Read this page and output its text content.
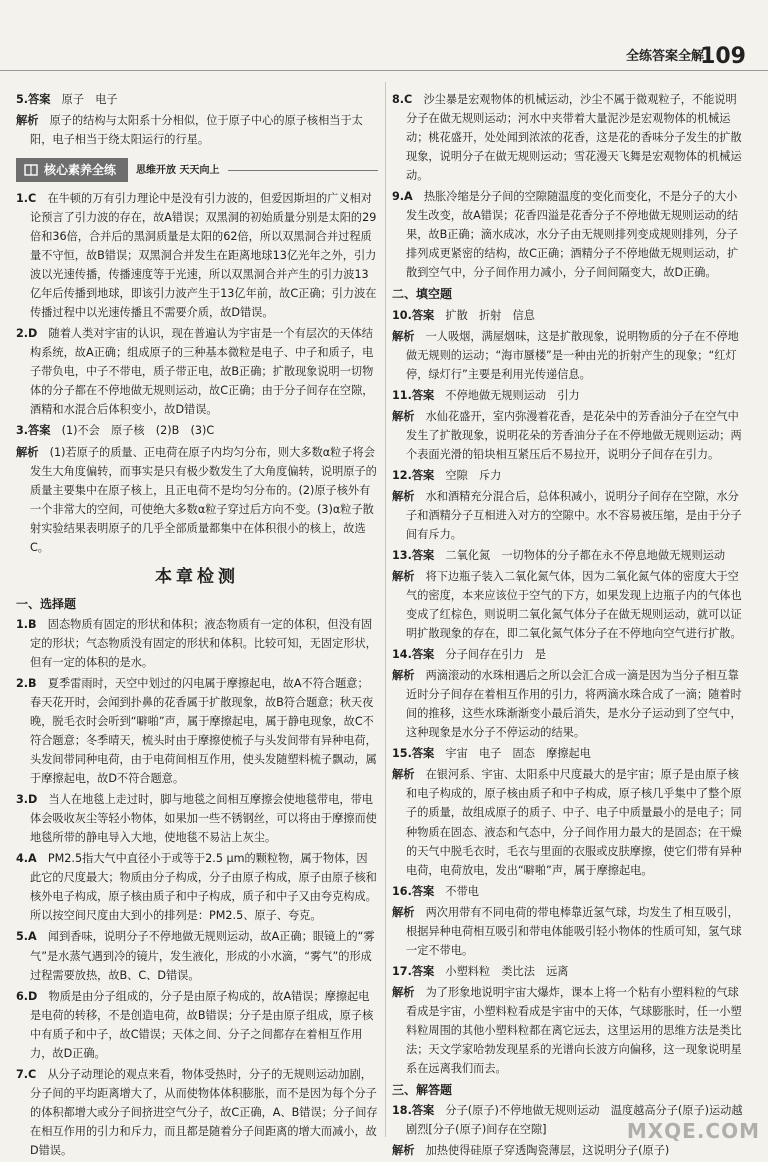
全练答案全解
109
5.答案　 原子　电子
解析　 原子的结构与太阳系十分相似，位于原子中心的原子核相当于太阳，电子相当于绕太阳运行的行星。
核心素养全练 思维开放 天天向上
1.C　 在牛顿的万有引力理论中是没有引力波的，但爱因斯坦的广义相对论预言了引力波的存在，故A错误；双黑洞的初始质量分别是太阳的29倍和36倍，合并后的黑洞质量是太阳的62倍，所以双黑洞合并过程质量不守恒，故B错误；双黑洞合并发生在距离地球13亿光年之外，引力波以光速传播，传播速度等于光速，所以双黑洞合并产生的引力波13亿年后传播到地球，即该引力波产生于13亿年前，故C正确；引力波在传播过程中以光速传播且不需要介质，故D错误。
2.D　 随着人类对宇宙的认识，现在普遍认为宇宙是一个有层次的天体结构系统，故A正确；组成原子的三种基本微粒是电子、中子和质子，电子带负电，中子不带电，质子带正电，故B正确；扩散现象说明一切物体的分子都在不停地做无规则运动，故C正确；由于分子间存在空隙，酒精和水混合后体积变小，故D错误。
3.答案　 (1)不会　原子核　(2)B　(3)C
解析　 (1)若原子的质量、正电荷在原子内均匀分布，则大多数α粒子将会发生大角度偏转，而事实是只有极少数发生了大角度偏转，说明原子的质量主要集中在原子核上，且正电荷不是均匀分布的。(2)原子核外有一个非常大的空间，可使绝大多数α粒子穿过后方向不变。(3)α粒子散射实验结果表明原子的几乎全部质量都集中在体积很小的核上，故选C。
本章检测
一、选择题
1.B　 固态物质有固定的形状和体积；液态物质有一定的体积，但没有固定的形状；气态物质没有固定的形状和体积。比较可知，无固定形状，但有一定的体积的是水。
2.B　 夏季雷雨时，天空中划过的闪电属于摩擦起电，故A不符合题意；春天花开时，会闻到扑鼻的花香属于扩散现象，故B符合题意；秋天夜晚，脱毛衣时会听到“噼啪”声，属于摩擦起电，属于静电现象，故C不符合题意；冬季晴天，梳头时由于摩擦使梳子与头发间带有异种电荷，头发间带同种电荷，由于电荷间相互作用，使头发随塑料梳子飘动，属于摩擦起电，故D不符合题意。
3.D　 当人在地毯上走过时，脚与地毯之间相互摩擦会使地毯带电，带电体会吸收灰尘等轻小物体，如果加一些不锈钢丝，可以将由于摩擦而使地毯所带的静电导入大地，使地毯不易沾上灰尘。
4.A　 PM2.5指大气中直径小于或等于2.5 μm的颗粒物，属于物体，因此它的尺度最大；物质由分子构成，分子由原子构成，原子由原子核和核外电子构成，原子核由质子和中子构成，质子和中子又由夸克构成。所以按空间尺度由大到小的排列是：PM2.5、原子、夸克。
5.A　 闻到香味，说明分子不停地做无规则运动，故A正确；眼镜上的“雾气”是水蒸气遇到冷的镜片，发生液化，形成的小水滴，“雾气”的形成过程需要放热，故B、C、D错误。
6.D　 物质是由分子组成的，分子是由原子构成的，故A错误；摩擦起电是电荷的转移，不是创造电荷，故B错误；分子是由原子组成，原子核中有质子和中子，故C错误；天体之间、分子之间都存在着相互作用力，故D正确。
7.C　 从分子动理论的观点来看，物体受热时，分子的无规则运动加剧，分子间的平均距离增大了，从而使物体体积膨胀，而不是因为每个分子的体积都增大或分子间挤进空气分子，故C正确，A、B错误；分子间存在相互作用的引力和斥力，而且都是随着分子间距离的增大而减小，故D错误。
8.C　 沙尘暴是宏观物体的机械运动，沙尘不属于微观粒子，不能说明分子在做无规则运动；河水中夹带着大量泥沙是宏观物体的机械运动；桃花盛开，处处闻到浓浓的花香，这是花的香味分子发生的扩散现象，说明分子在做无规则运动；雪花漫天飞舞是宏观物体的机械运动。
9.A　 热胀冷缩是分子间的空隙随温度的变化而变化，不是分子的大小发生改变，故A错误；花香四溢是花香分子不停地做无规则运动的结果，故B正确；滴水成冰，水分子由无规则排列变成规则排列，分子排列成更紧密的结构，故C正确；酒精分子不停地做无规则运动，扩散到空气中，分子间作用力减小，分子间间隔变大，故D正确。
二、填空题
10.答案　 扩散　折射　信息
解析　 一人吸烟，满屋烟味，这是扩散现象，说明物质的分子在不停地做无规则的运动；“海市蜃楼”是一种由光的折射产生的现象；“红灯停，绿灯行”主要是利用光传递信息。
11.答案　 不停地做无规则运动　引力
解析　 水仙花盛开，室内弥漫着花香，是花朵中的芳香油分子在空气中发生了扩散现象，说明花朵的芳香油分子在不停地做无规则运动；两个表面光滑的铅块相互紧压后不易拉开，说明分子间存在引力。
12.答案　 空隙　斥力
解析　 水和酒精充分混合后，总体积减小，说明分子间存在空隙，水分子和酒精分子互相进入对方的空隙中。水不容易被压缩，是由于分子间有斥力。
13.答案　 二氧化氮　一切物体的分子都在永不停息地做无规则运动
解析　 将下边瓶子装入二氧化氮气体，因为二氧化氮气体的密度大于空气的密度，本来应该位于空气的下方，如果发现上边瓶子内的气体也变成了红棕色，则说明二氧化氮气体分子在做无规则运动，就可以证明扩散现象的存在，即二氧化氮气体分子在不停地向空气进行扩散。
14.答案　 分子间存在引力　是
解析　 两滴滚动的水珠相遇后之所以会汇合成一滴是因为当分子相互靠近时分子间存在着相互作用的引力，将两滴水珠合成了一滴；随着时间的推移，这些水珠渐渐变小最后消失，是水分子运动到了空气中，这种现象是水分子不停运动的结果。
15.答案　 宇宙　电子　固态　摩擦起电
解析　 在银河系、宇宙、太阳系中尺度最大的是宇宙；原子是由原子核和电子构成的，原子核由质子和中子构成，原子核几乎集中了整个原子的质量，故组成原子的质子、中子、电子中质量最小的是电子；同种物质在固态、液态和气态中，分子间作用力最大的是固态；在干燥的天气中脱毛衣时，毛衣与里面的衣服或皮肤摩擦，使它们带有异种电荷，电荷放电，发出“噼啪”声，属于摩擦起电。
16.答案　 不带电
解析　 两次用带有不同电荷的带电棒靠近氢气球，均发生了相互吸引，根据异种电荷相互吸引和带电体能吸引轻小物体的性质可知，氢气球一定不带电。
17.答案　 小塑料粒　类比法　远离
解析　 为了形象地说明宇宙大爆炸，课本上将一个粘有小塑料粒的气球看成是宇宙，小塑料粒看成是宇宙中的天体，气球膨胀时，任一小塑料粒周围的其他小塑料粒都在离它远去，这里运用的思维方法是类比法；天文学家哈勃发现星系的光谱向长波方向偏移，这一现象说明星系在远离我们而去。
三、解答题
18.答案　 分子(原子)不停地做无规则运动　温度越高分子(原子)运动越剧烈[分子(原子)间存在空隙]
解析　 加热使得硅原子穿透陶瓷薄层，这说明分子(原子)
MXQE.COM
